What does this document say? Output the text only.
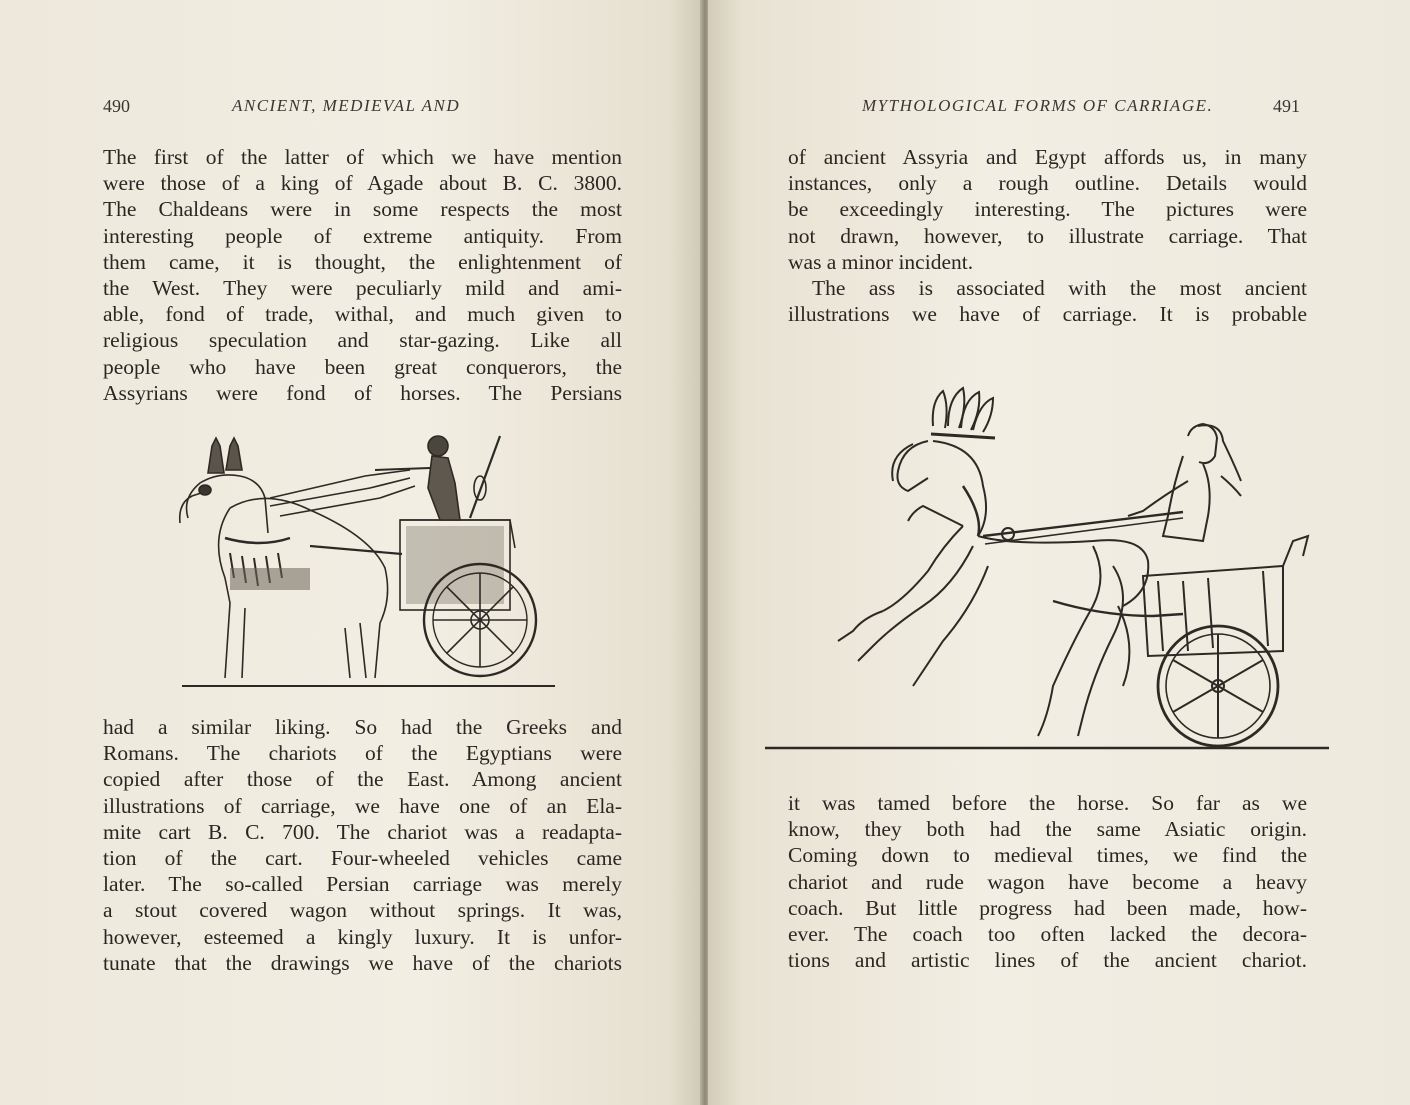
490	ANCIENT, MEDIEVAL AND
The first of the latter of which we have mention
were those of a king of Agade about B. C. 3800.
The Chaldeans were in some respects the most
interesting people of extreme antiquity. From
them came, it is thought, the enlightenment of
the West. They were peculiarly mild and ami-
able, fond of trade, withal, and much given to
religious speculation and star-gazing. Like all
people who have been great conquerors, the
Assyrians were fond of horses. The Persians
had a similar liking. So had the Greeks and
Romans. The chariots of the Egyptians were
copied after those of the East. Among ancient
illustrations of carriage, we have one of an Ela-
mite cart B. C. 700. The chariot was a readapta-
tion of the cart. Four-wheeled vehicles came
later. The so-called Persian carriage was merely
a stout covered wagon without springs. It was,
however, esteemed a kingly luxury. It is unfor-
tunate that the drawings we have of the chariots
MYTHOLOGICAL FORMS OF CARRIAGE.	491
of ancient Assyria and Egypt affords us, in many
instances, only a rough outline. Details would
be exceedingly interesting. The pictures were
not drawn, however, to illustrate carriage. That
was a minor incident.
The ass is associated with the most ancient
illustrations we have of carriage. It is probable
it was tamed before the horse. So far as we
know, they both had the same Asiatic origin.
Coming down to medieval times, we find the
chariot and rude wagon have become a heavy
coach. But little progress had been made, how-
ever. The coach too often lacked the decora-
tions and artistic lines of the ancient chariot.
